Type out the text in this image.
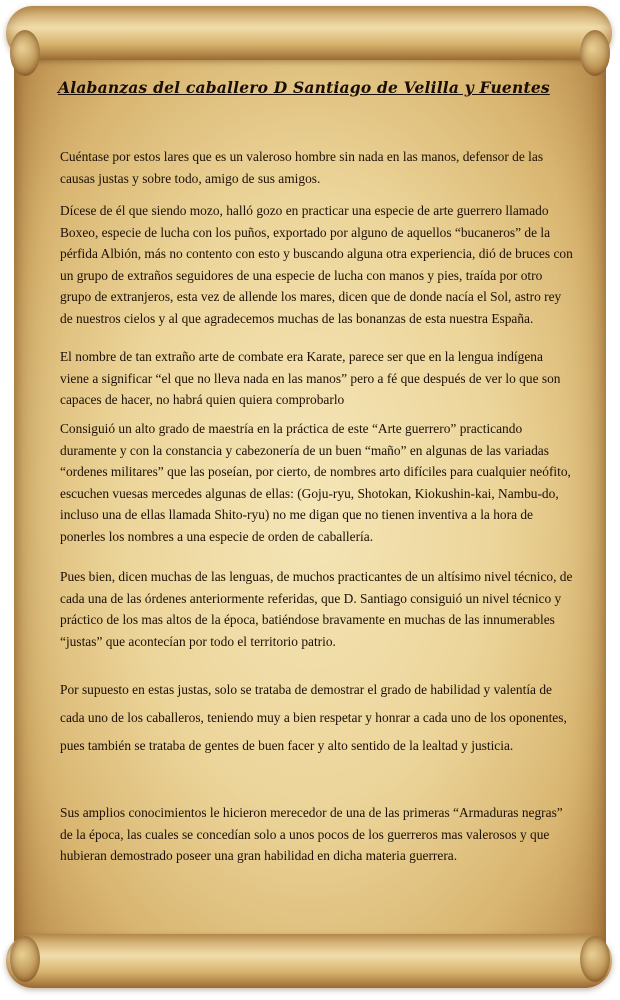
Alabanzas del caballero D Santiago de Velilla y Fuentes

Cuéntase por estos lares que es un valeroso hombre sin nada en las manos, defensor de las causas justas y sobre todo, amigo de sus amigos.

Dícese de él que siendo mozo, halló gozo en practicar una especie de arte guerrero llamado Boxeo, especie de lucha con los puños, exportado por alguno de aquellos “bucaneros” de la pérfida Albión, más no contento con esto y buscando alguna otra experiencia, dió de bruces con un grupo de extraños seguidores de una especie de lucha con manos y pies, traída por otro grupo de extranjeros, esta vez de allende los mares, dicen que de donde nacía el Sol, astro rey de nuestros cielos y al que agradecemos muchas de las bonanzas de esta nuestra España.

El nombre de tan extraño arte de combate era Karate, parece ser que en la lengua indígena viene a significar “el que no lleva nada en las manos” pero a fé que después de ver lo que son capaces de hacer, no habrá quien quiera comprobarlo

Consiguió un alto grado de maestría en la práctica de este “Arte guerrero” practicando duramente y con la constancia y cabezonería de un buen “maño” en algunas de las variadas “ordenes militares” que las poseían, por cierto, de nombres arto difíciles para cualquier neófito, escuchen vuesas mercedes algunas de ellas: (Goju-ryu, Shotokan, Kiokushin-kai, Nambu-do, incluso una de ellas llamada Shito-ryu) no me digan que no tienen inventiva a la hora de ponerles los nombres a una especie de orden de caballería.

Pues bien, dicen muchas de las lenguas, de muchos practicantes de un altísimo nivel técnico, de cada una de las órdenes anteriormente referidas, que D. Santiago consiguió un nivel técnico y práctico de los mas altos de la época, batiéndose bravamente en muchas de las innumerables “justas” que acontecían por todo el territorio patrio.

Por supuesto en estas justas, solo se trataba de demostrar el grado de habilidad y valentía de cada uno de los caballeros, teniendo muy a bien respetar y honrar a cada uno de los oponentes, pues también se trataba de gentes de buen facer y alto sentido de la lealtad y justicia.

Sus amplios conocimientos le hicieron merecedor de una de las primeras “Armaduras negras” de la época, las cuales se concedían solo a unos pocos de los guerreros mas valerosos y que hubieran demostrado poseer una gran habilidad en dicha materia guerrera.
